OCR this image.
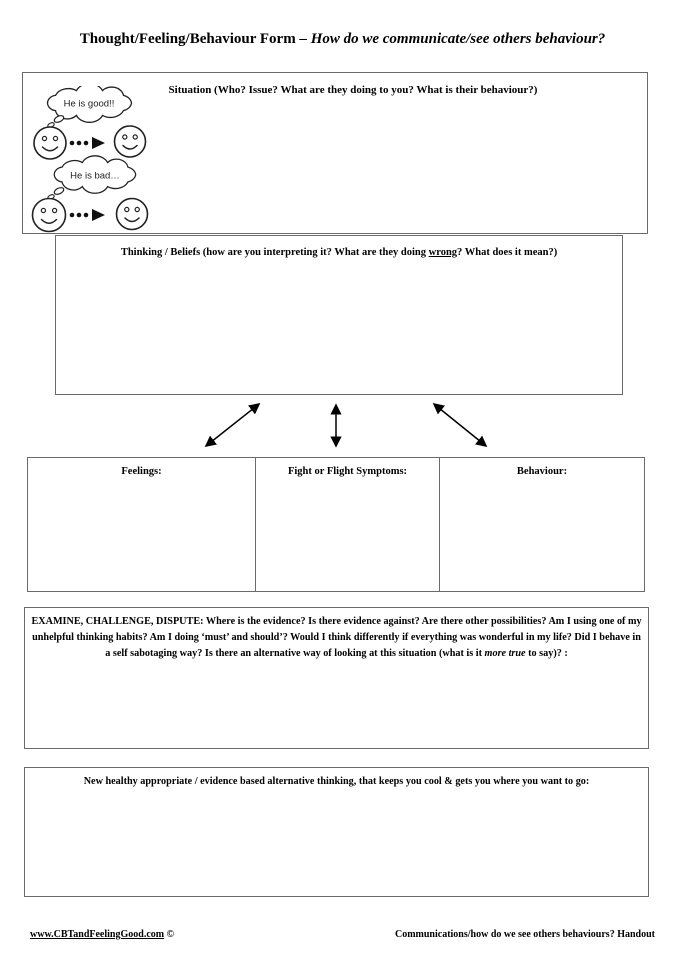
Thought/Feeling/Behaviour Form – How do we communicate/see others behaviour?
Situation (Who? Issue? What are they doing to you? What is their behaviour?)
He is good!!
He is bad…
Thinking / Beliefs (how are you interpreting it? What are they doing wrong? What does it mean?)
Feelings:	Fight or Flight Symptoms:	Behaviour:
EXAMINE, CHALLENGE, DISPUTE: Where is the evidence? Is there evidence against? Are there other possibilities? Am I using one of my unhelpful thinking habits? Am I doing ‘must’ and should’? Would I think differently if everything was wonderful in my life? Did I behave in a self sabotaging way? Is there an alternative way of looking at this situation (what is it more true to say)? :
New healthy appropriate / evidence based alternative thinking, that keeps you cool & gets you where you want to go:
www.CBTandFeelingGood.com ©	Communications/how do we see others behaviours? Handout
